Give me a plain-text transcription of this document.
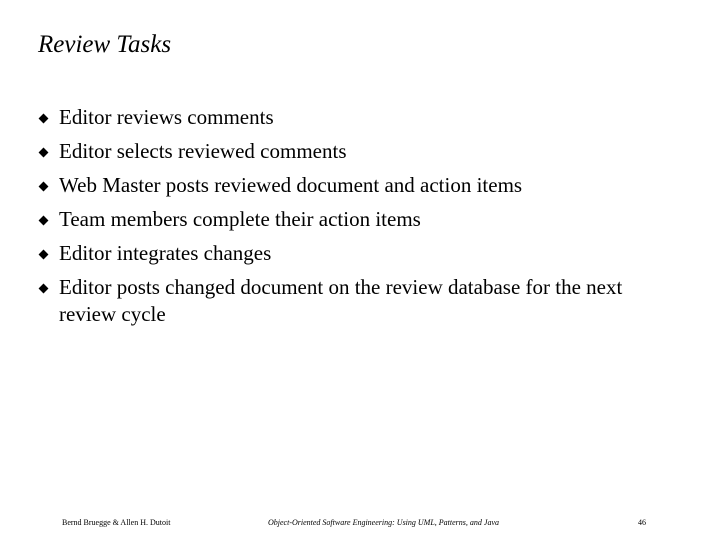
Review Tasks
Editor reviews comments
Editor selects reviewed comments
Web Master posts reviewed document and action items
Team members complete their action items
Editor integrates changes
Editor posts changed document on the review database for the next review cycle
Bernd Bruegge & Allen H. Dutoit	Object-Oriented Software Engineering: Using UML, Patterns, and Java	46
